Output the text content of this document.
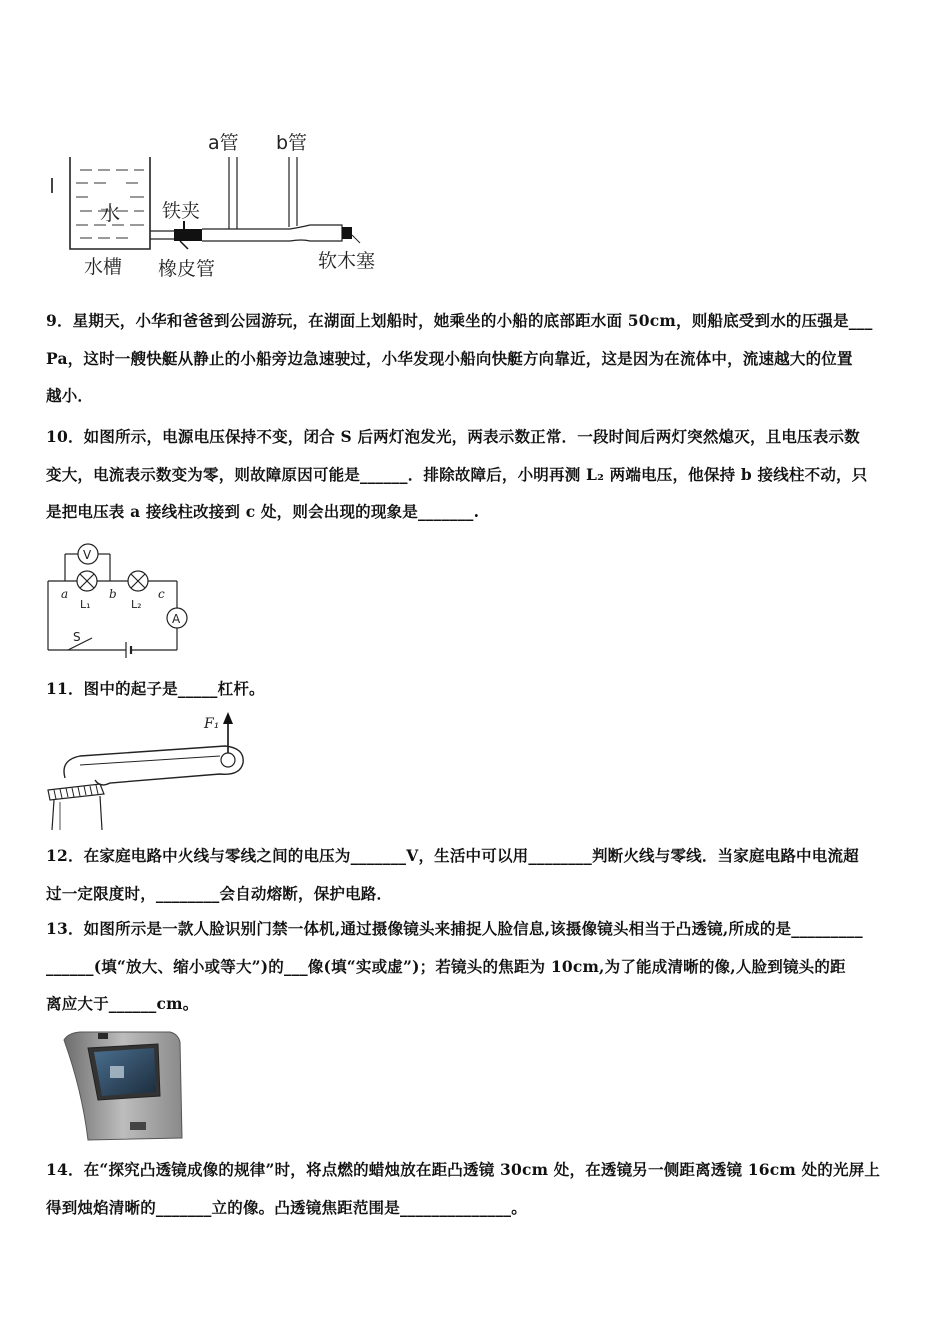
水
a管 b管
铁夹
水槽 橡皮管	软木塞
9．星期天，小华和爸爸到公园游玩，在湖面上划船时，她乘坐的小船的底部距水面 50cm，则船底受到水的压强是___
Pa，这时一艘快艇从静止的小船旁边急速驶过，小华发现小船向快艇方向靠近，这是因为在流体中，流速越大的位置
越小．
10．如图所示，电源电压保持不变，闭合 S 后两灯泡发光，两表示数正常．一段时间后两灯突然熄灭，且电压表示数
变大，电流表示数变为零，则故障原因可能是______．排除故障后，小明再测 L₂ 两端电压，他保持 b 接线柱不动，只
是把电压表 a 接线柱改接到 c 处，则会出现的现象是_______.
V
A
a	b	c
L₁	L₂
S
11．图中的起子是_____杠杆。
F₁
12．在家庭电路中火线与零线之间的电压为_______V，生活中可以用________判断火线与零线．当家庭电路中电流超
过一定限度时，________会自动熔断，保护电路．
13．如图所示是一款人脸识别门禁一体机,通过摄像镜头来捕捉人脸信息,该摄像镜头相当于凸透镜,所成的是_________
______(填“放大、缩小或等大”)的___像(填“实或虚”)；若镜头的焦距为 10cm,为了能成清晰的像,人脸到镜头的距
离应大于______cm。
14．在“探究凸透镜成像的规律”时，将点燃的蜡烛放在距凸透镜 30cm 处，在透镜另一侧距离透镜 16cm 处的光屏上
得到烛焰清晰的_______立的像。凸透镜焦距范围是______________。
